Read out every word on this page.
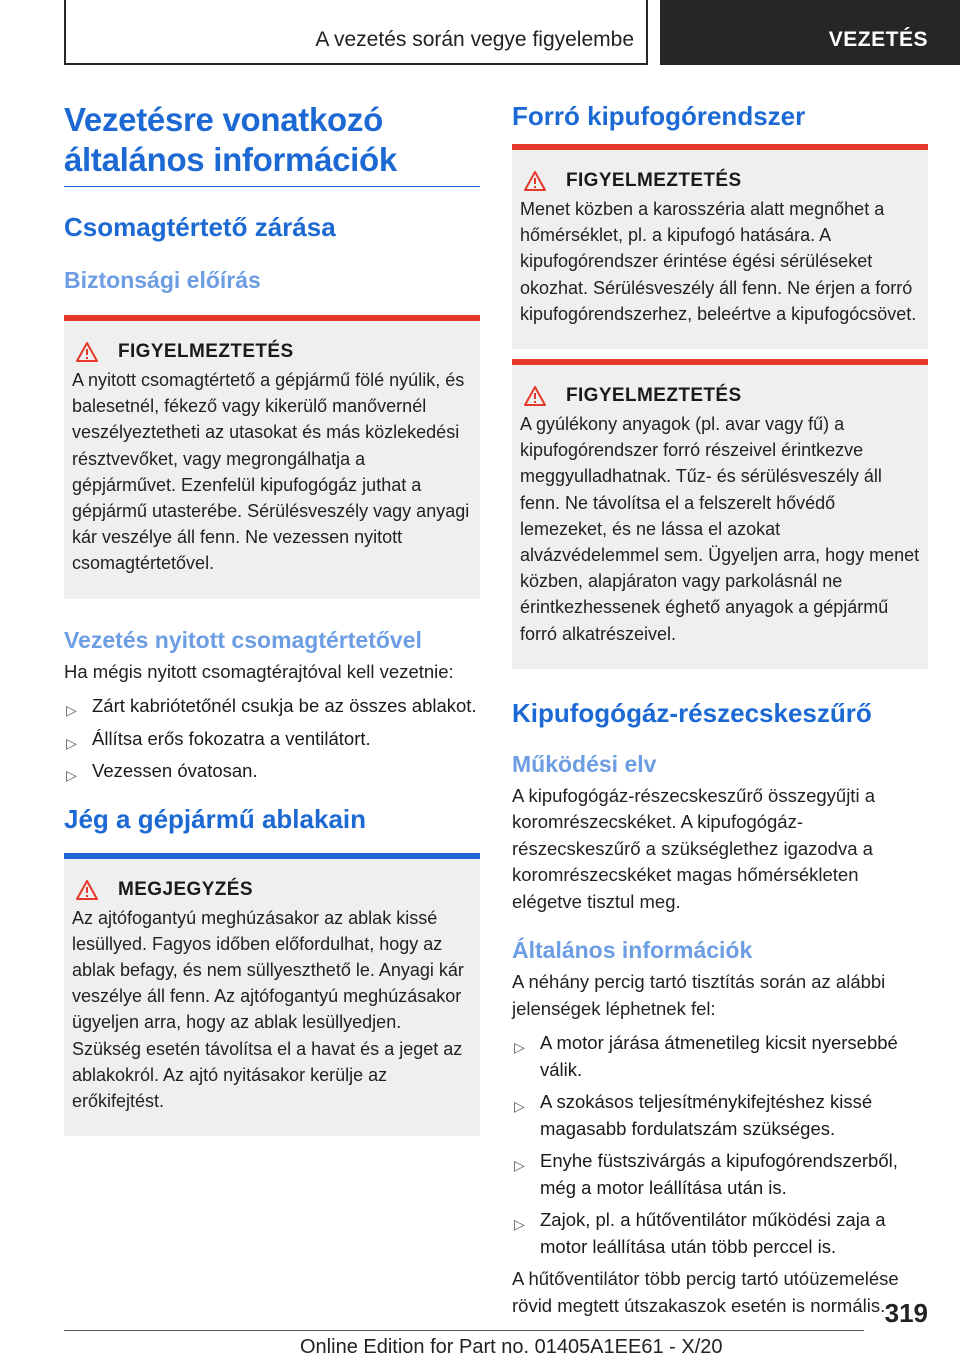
A vezetés során vegye figyelembe	VEZETÉS
Vezetésre vonatkozó általános információk
Csomagtértető zárása
Biztonsági előírás
FIGYELMEZTETÉS

A nyitott csomagtértető a gépjármű fölé nyúlik, és balesetnél, fékező vagy kikerülő manővernél veszélyeztetheti az utasokat és más közlekedési résztvevőket, vagy megrongálhatja a gépjárművet. Ezenfelül kipufogógáz juthat a gépjármű utasterébe. Sérülésveszély vagy anyagi kár veszélye áll fenn. Ne vezessen nyitott csomagtértetővel.

Vezetés nyitott csomagtértetővel

Ha mégis nyitott csomagtérajtóval kell vezetnie:

▷ Zárt kabriótetőnél csukja be az összes ablakot.
▷ Állítsa erős fokozatra a ventilátort.
▷ Vezessen óvatosan.
Jég a gépjármű ablakain
MEGJEGYZÉS

Az ajtófogantyú meghúzásakor az ablak kissé lesüllyed. Fagyos időben előfordulhat, hogy az ablak befagy, és nem süllyeszthető le. Anyagi kár veszélye áll fenn. Az ajtófogantyú meghúzásakor ügyeljen arra, hogy az ablak lesüllyedjen. Szükség esetén távolítsa el a havat és a jeget az ablakokról. Az ajtó nyitásakor kerülje az erőkifejtést.

Forró kipufogórendszer
FIGYELMEZTETÉS

Menet közben a karosszéria alatt megnőhet a hőmérséklet, pl. a kipufogó hatására. A kipufogórendszer érintése égési sérüléseket okozhat. Sérülésveszély áll fenn. Ne érjen a forró kipufogórendszerhez, beleértve a kipufogócsövet.

FIGYELMEZTETÉS

A gyúlékony anyagok (pl. avar vagy fű) a kipufogórendszer forró részeivel érintkezve meggyulladhatnak. Tűz- és sérülésveszély áll fenn. Ne távolítsa el a felszerelt hővédő lemezeket, és ne lássa el azokat alvázvédelemmel sem. Ügyeljen arra, hogy menet közben, alapjáraton vagy parkolásnál ne érintkezhessenek éghető anyagok a gépjármű forró alkatrészeivel.

Kipufogógáz-részecskeszűrő
Működési elv

A kipufogógáz-részecskeszűrő összegyűjti a koromrészecskéket. A kipufogógáz-részecskeszűrő a szükséglethez igazodva a koromrészecskéket magas hőmérsékleten elégetve tisztul meg.

Általános információk

A néhány percig tartó tisztítás során az alábbi jelenségek léphetnek fel:

▷ A motor járása átmenetileg kicsit nyersebbé válik.
▷ A szokásos teljesítménykifejtéshez kissé magasabb fordulatszám szükséges.
▷ Enyhe füstszivárgás a kipufogórendszerből, még a motor leállítása után is.
▷ Zajok, pl. a hűtőventilátor működési zaja a motor leállítása után több perccel is.

A hűtőventilátor több percig tartó utóüzemelése rövid megtett útszakaszok esetén is normális. 319
Online Edition for Part no. 01405A1EE61 - X/20
